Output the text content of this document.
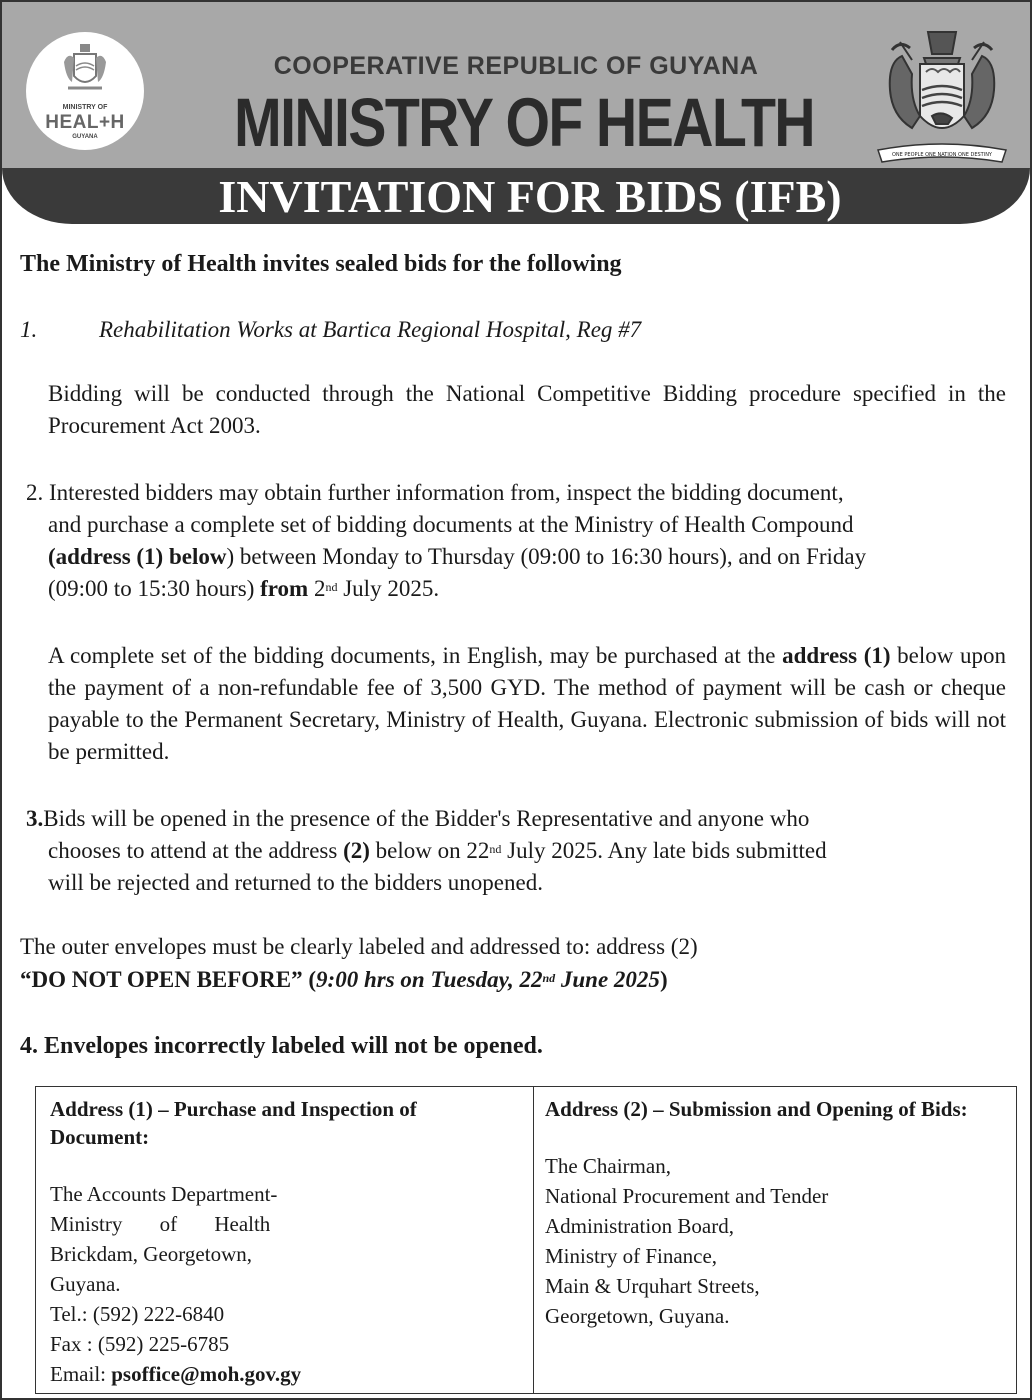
MINISTRY OF
HEAL+H
GUYANA
ONE PEOPLE ONE NATION ONE DESTINY
COOPERATIVE REPUBLIC OF GUYANA
MINISTRY OF HEALTH
INVITATION FOR BIDS (IFB)

The Ministry of Health invites sealed bids for the following

1.	Rehabilitation Works at Bartica Regional Hospital, Reg #7

Bidding will be conducted through the National Competitive Bidding procedure specified in the Procurement Act 2003.

2. Interested bidders may obtain further information from, inspect the bidding document,
and purchase a complete set of bidding documents at the Ministry of Health Compound
(address (1) below) between Monday to Thursday (09:00 to 16:30 hours), and on Friday
(09:00 to 15:30 hours) from 2nd July 2025.

A complete set of the bidding documents, in English, may be purchased at the address (1) below upon the payment of a non-refundable fee of 3,500 GYD. The method of payment will be cash or cheque payable to the Permanent Secretary, Ministry of Health, Guyana. Electronic submission of bids will not be permitted.

3.Bids will be opened in the presence of the Bidder's Representative and anyone who
chooses to attend at the address (2) below on 22nd July 2025. Any late bids submitted
will be rejected and returned to the bidders unopened.

The outer envelopes must be clearly labeled and addressed to: address (2)

“DO NOT OPEN BEFORE” (9:00 hrs on Tuesday, 22nd June 2025)

4. Envelopes incorrectly labeled will not be opened.

Address (1) – Purchase and Inspection of Document:
The Accounts Department-
Ministry of Health
Brickdam, Georgetown,
Guyana.
Tel.: (592) 222-6840
Fax : (592) 225-6785
Email: psoffice@moh.gov.gy
Address (2) – Submission and Opening of Bids:
The Chairman,
National Procurement and Tender
Administration Board,
Ministry of Finance,
Main & Urquhart Streets,
Georgetown, Guyana.
